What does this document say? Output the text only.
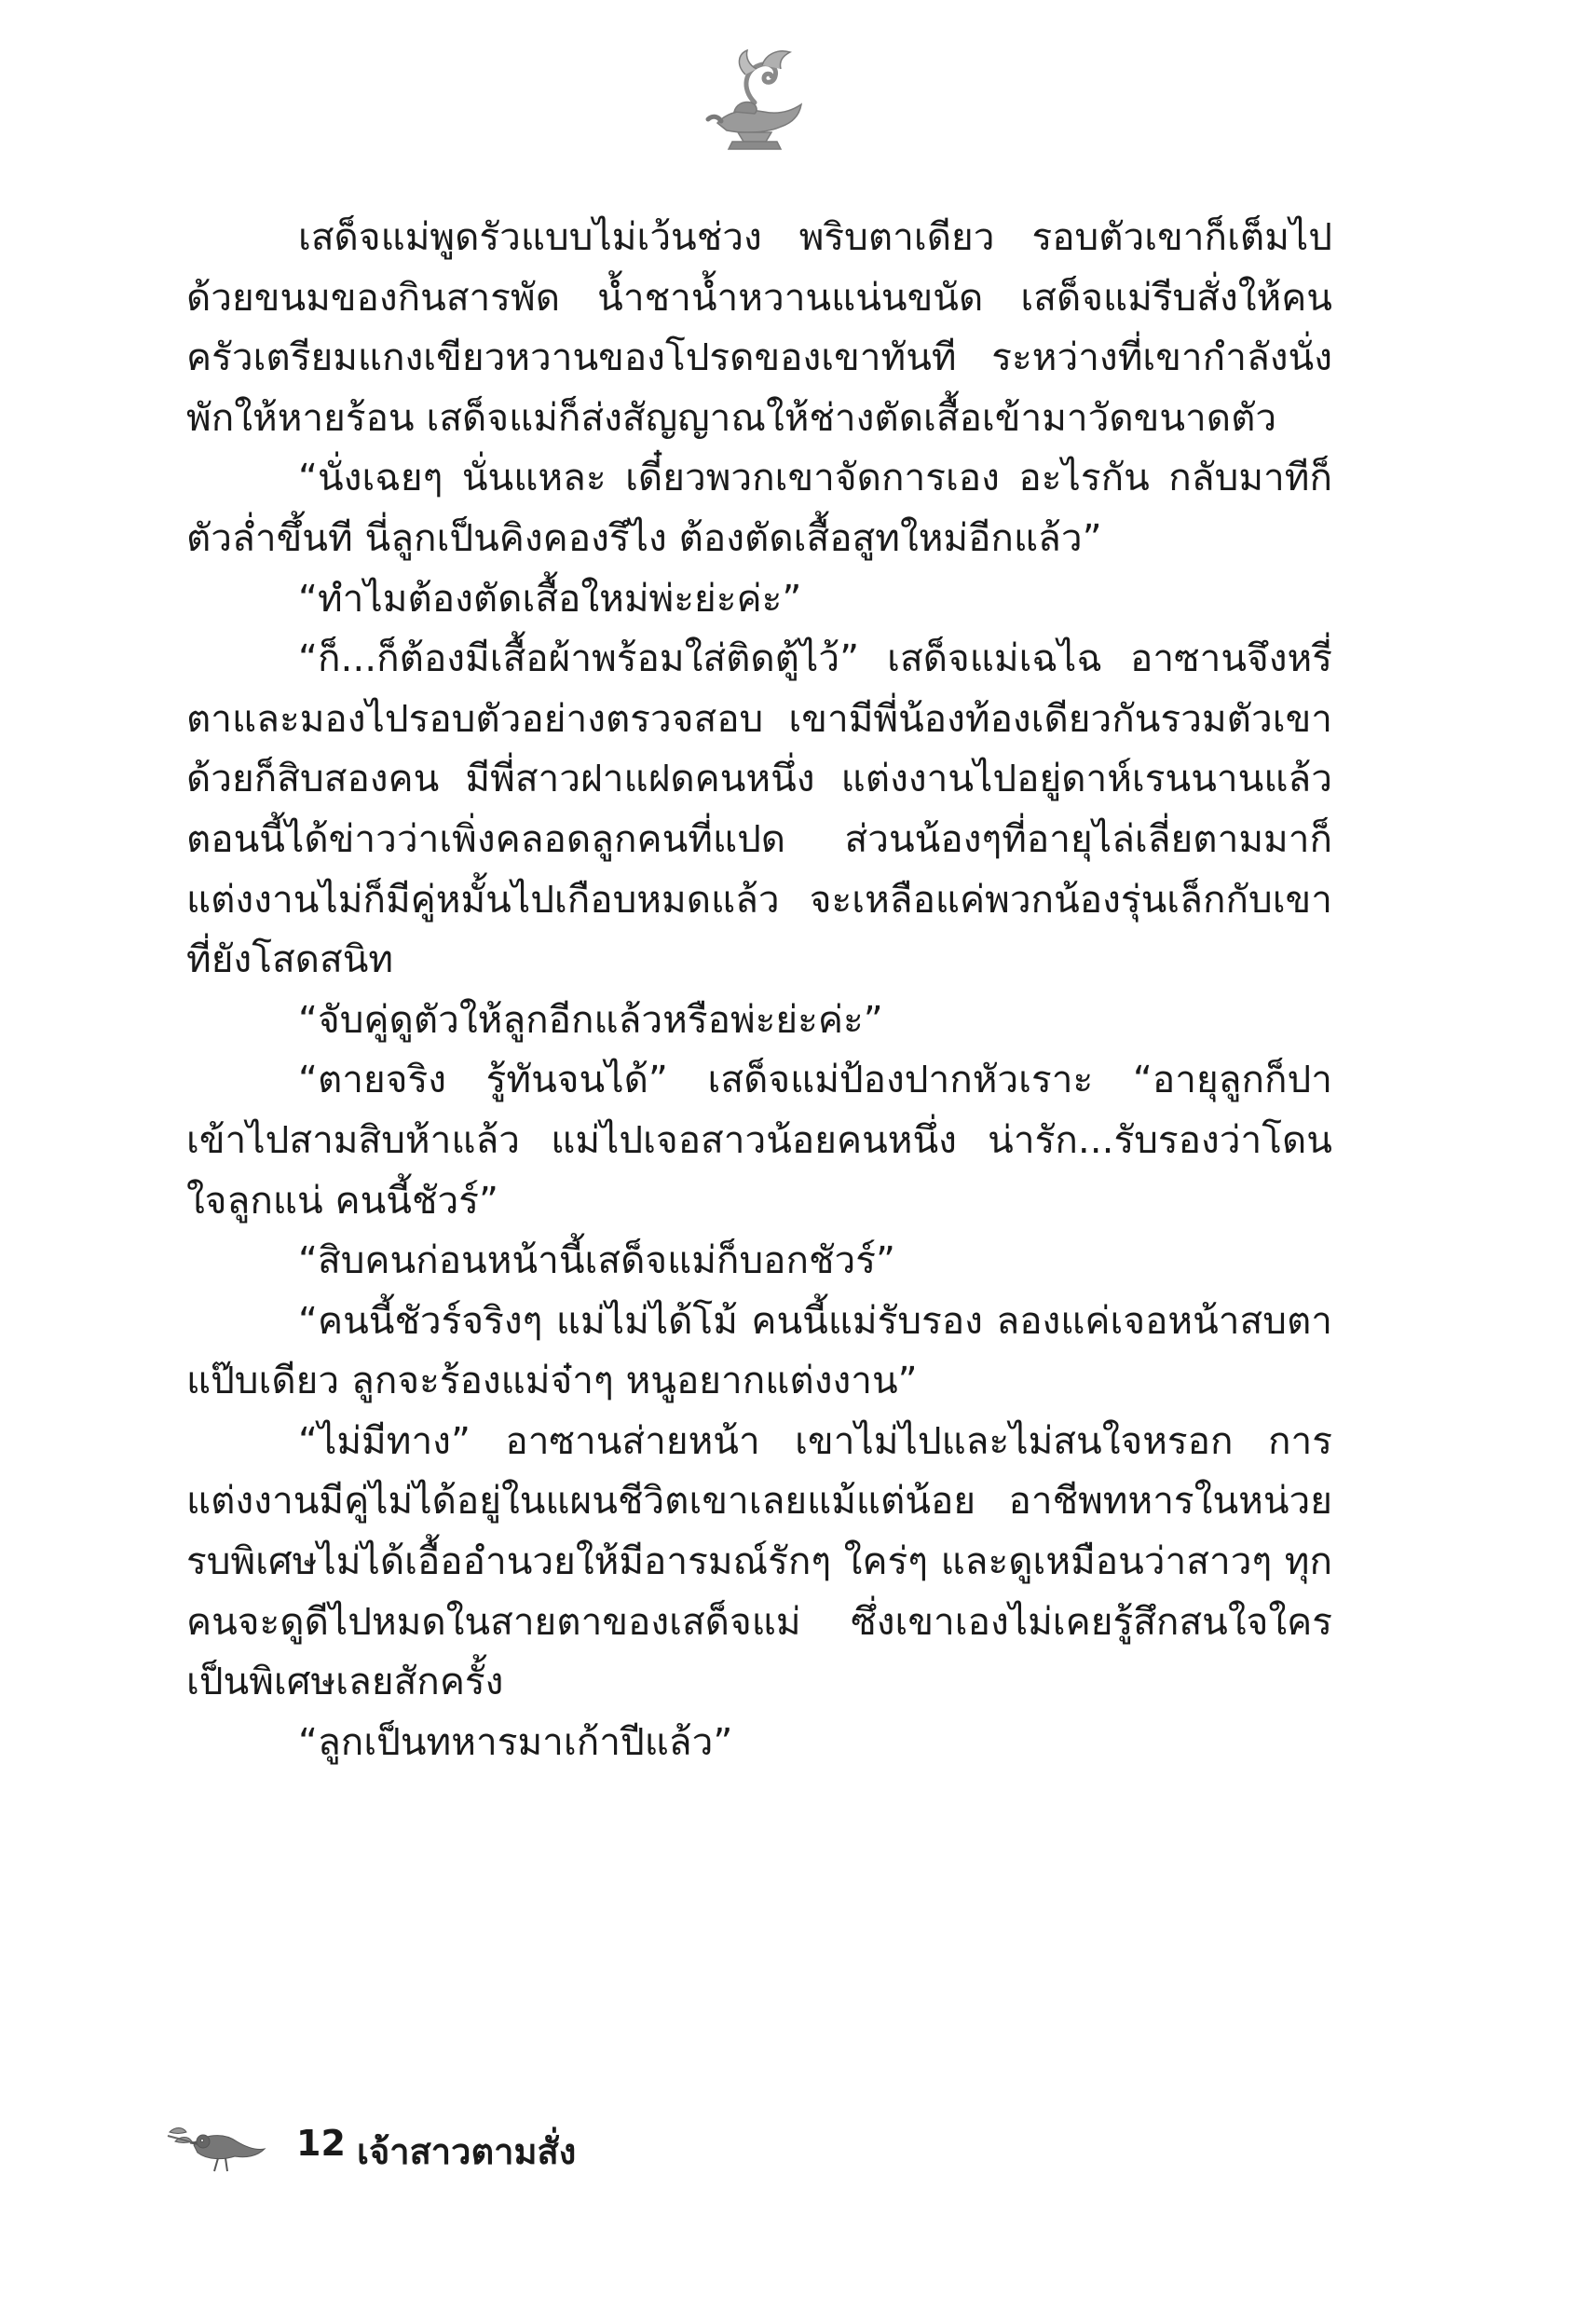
เสด็จแม่พูดรัวแบบไม่เว้นช่วง พริบตาเดียว รอบตัวเขาก็เต็มไปด้วยขนมของกินสารพัด น้ำชาน้ำหวานแน่นขนัด เสด็จแม่รีบสั่งให้คนครัวเตรียมแกงเขียวหวานของโปรดของเขาทันที ระหว่างที่เขากำลังนั่งพักให้หายร้อน เสด็จแม่ก็ส่งสัญญาณให้ช่างตัดเสื้อเข้ามาวัดขนาดตัว

“นั่งเฉยๆ นั่นแหละ เดี๋ยวพวกเขาจัดการเอง อะไรกัน กลับมาทีก็ตัวล่ำขึ้นที นี่ลูกเป็นคิงคองรึไง ต้องตัดเสื้อสูทใหม่อีกแล้ว”

“ทำไมต้องตัดเสื้อใหม่พ่ะย่ะค่ะ”

“ก็...ก็ต้องมีเสื้อผ้าพร้อมใส่ติดตู้ไว้” เสด็จแม่เฉไฉ อาซานจึงหรี่ตาและมองไปรอบตัวอย่างตรวจสอบ เขามีพี่น้องท้องเดียวกันรวมตัวเขาด้วยก็สิบสองคน มีพี่สาวฝาแฝดคนหนึ่ง แต่งงานไปอยู่ดาห์เรนนานแล้ว ตอนนี้ได้ข่าวว่าเพิ่งคลอดลูกคนที่แปด ส่วนน้องๆที่อายุไล่เลี่ยตามมาก็แต่งงานไม่ก็มีคู่หมั้นไปเกือบหมดแล้ว จะเหลือแค่พวกน้องรุ่นเล็กกับเขาที่ยังโสดสนิท

“จับคู่ดูตัวให้ลูกอีกแล้วหรือพ่ะย่ะค่ะ”

“ตายจริง รู้ทันจนได้” เสด็จแม่ป้องปากหัวเราะ “อายุลูกก็ปาเข้าไปสามสิบห้าแล้ว แม่ไปเจอสาวน้อยคนหนึ่ง น่ารัก...รับรองว่าโดนใจลูกแน่ คนนี้ชัวร์”

“สิบคนก่อนหน้านี้เสด็จแม่ก็บอกชัวร์”

“คนนี้ชัวร์จริงๆ แม่ไม่ได้โม้ คนนี้แม่รับรอง ลองแค่เจอหน้าสบตาแป๊บเดียว ลูกจะร้องแม่จ๋าๆ หนูอยากแต่งงาน”

“ไม่มีทาง” อาซานส่ายหน้า เขาไม่ไปและไม่สนใจหรอก การแต่งงานมีคู่ไม่ได้อยู่ในแผนชีวิตเขาเลยแม้แต่น้อย อาชีพทหารในหน่วยรบพิเศษไม่ได้เอื้ออำนวยให้มีอารมณ์รักๆ ใคร่ๆ และดูเหมือนว่าสาวๆ ทุกคนจะดูดีไปหมดในสายตาของเสด็จแม่ ซึ่งเขาเองไม่เคยรู้สึกสนใจใครเป็นพิเศษเลยสักครั้ง

“ลูกเป็นทหารมาเก้าปีแล้ว”

12 เจ้าสาวตามสั่ง
